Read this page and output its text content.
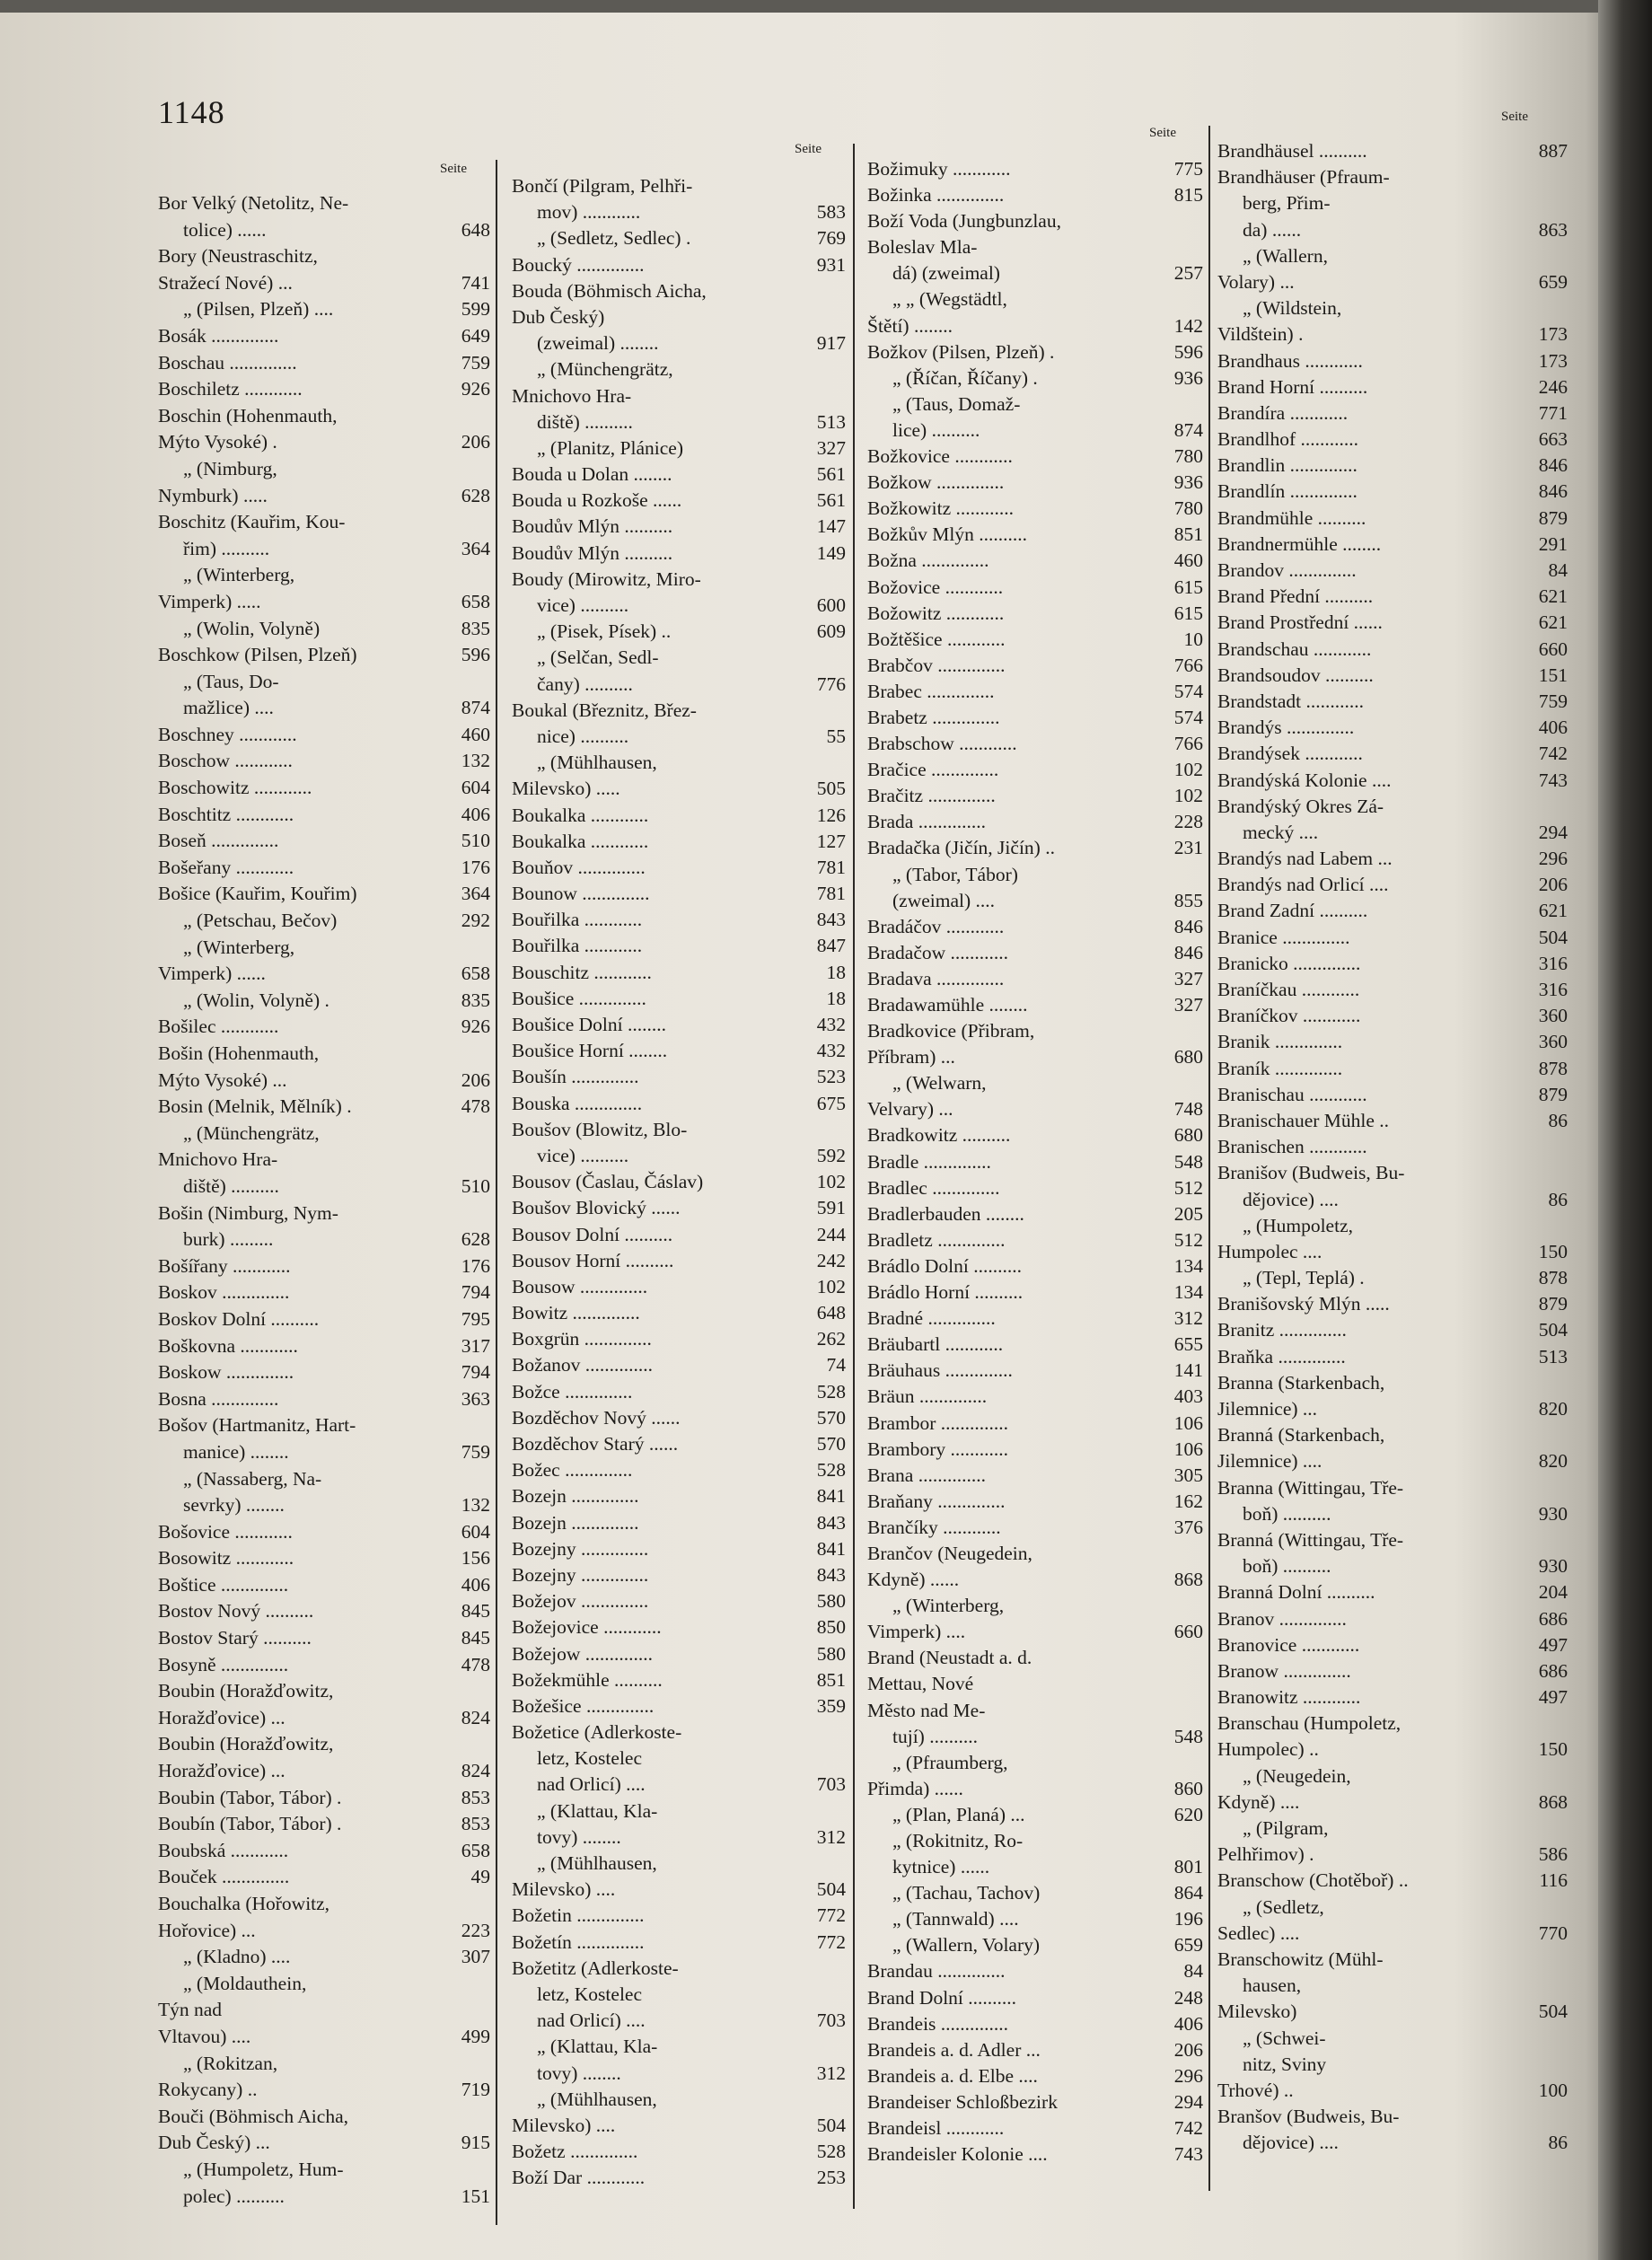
1148
Seite
Seite
Seite
Seite
Bor Velký (Netolitz, Ne-
tolice) ......	648
Bory (Neustraschitz,
Stražecí Nové) ...	741
„ (Pilsen, Plzeň) ....	599
Bosák ..............	649
Boschau ..............	759
Boschiletz ............	926
Boschin (Hohenmauth,
Mýto Vysoké) .	206
„ (Nimburg,
Nymburk) .....	628
Boschitz (Kauřim, Kou-
řim) ..........	364
„ (Winterberg,
Vimperk) .....	658
„ (Wolin, Volyně)	835
Boschkow (Pilsen, Plzeň)	596
„ (Taus, Do-
mažlice) ....	874
Boschney ............	460
Boschow ............	132
Boschowitz ............	604
Boschtitz ............	406
Boseň ..............	510
Bošeřany ............	176
Bošice (Kauřim, Kouřim)	364
„ (Petschau, Bečov)	292
„ (Winterberg,
Vimperk) ......	658
„ (Wolin, Volyně) .	835
Bošilec ............	926
Bošin (Hohenmauth,
Mýto Vysoké) ...	206
Bosin (Melnik, Mělník) .	478
„ (Münchengrätz,
Mnichovo Hra-
diště) ..........	510
Bošin (Nimburg, Nym-
burk) .........	628
Bošířany ............	176
Boskov ..............	794
Boskov Dolní ..........	795
Boškovna ............	317
Boskow ..............	794
Bosna ..............	363
Bošov (Hartmanitz, Hart-
manice) ........	759
„ (Nassaberg, Na-
sevrky) ........	132
Bošovice ............	604
Bosowitz ............	156
Boštice ..............	406
Bostov Nový ..........	845
Bostov Starý ..........	845
Bosyně ..............	478
Boubin (Horažďowitz,
Horažďovice) ...	824
Boubin (Horažďowitz,
Horažďovice) ...	824
Boubin (Tabor, Tábor) .	853
Boubín (Tabor, Tábor) .	853
Boubská ............	658
Bouček ..............	49
Bouchalka (Hořowitz,
Hořovice) ...	223
„ (Kladno) ....	307
„ (Moldauthein,
Týn nad
Vltavou) ....	499
„ (Rokitzan,
Rokycany) ..	719
Bouči (Böhmisch Aicha,
Dub Český) ...	915
„ (Humpoletz, Hum-
polec) ..........	151
Bončí (Pilgram, Pelhři-
mov) ............	583
„ (Sedletz, Sedlec) .	769
Boucký ..............	931
Bouda (Böhmisch Aicha,
Dub Český)
(zweimal) ........	917
„ (Münchengrätz,
Mnichovo Hra-
diště) ..........	513
„ (Planitz, Plánice)	327
Bouda u Dolan ........	561
Bouda u Rozkoše ......	561
Boudův Mlýn ..........	147
Boudův Mlýn ..........	149
Boudy (Mirowitz, Miro-
vice) ..........	600
„ (Pisek, Písek) ..	609
„ (Selčan, Sedl-
čany) ..........	776
Boukal (Březnitz, Břez-
nice) ..........	55
„ (Mühlhausen,
Milevsko) .....	505
Boukalka ............	126
Boukalka ............	127
Bouňov ..............	781
Bounow ..............	781
Bouřilka ............	843
Bouřilka ............	847
Bouschitz ............	18
Boušice ..............	18
Boušice Dolní ........	432
Boušice Horní ........	432
Boušín ..............	523
Bouska ..............	675
Boušov (Blowitz, Blo-
vice) ..........	592
Bousov (Časlau, Čáslav)	102
Boušov Blovický ......	591
Bousov Dolní ..........	244
Bousov Horní ..........	242
Bousow ..............	102
Bowitz ..............	648
Boxgrün ..............	262
Božanov ..............	74
Božce ..............	528
Bozděchov Nový ......	570
Bozděchov Starý ......	570
Božec ..............	528
Bozejn ..............	841
Bozejn ..............	843
Bozejny ..............	841
Bozejny ..............	843
Božejov ..............	580
Božejovice ............	850
Božejow ..............	580
Božekmühle ..........	851
Božešice ..............	359
Božetice (Adlerkoste-
letz, Kostelec
nad Orlicí) ....	703
„ (Klattau, Kla-
tovy) ........	312
„ (Mühlhausen,
Milevsko) ....	504
Božetin ..............	772
Božetín ..............	772
Božetitz (Adlerkoste-
letz, Kostelec
nad Orlicí) ....	703
„ (Klattau, Kla-
tovy) ........	312
„ (Mühlhausen,
Milevsko) ....	504
Božetz ..............	528
Boží Dar ............	253
Božimuky ............	775
Božinka ..............	815
Boží Voda (Jungbunzlau,
Boleslav Mla-
dá) (zweimal)	257
„ „ (Wegstädtl,
Štětí) ........	142
Božkov (Pilsen, Plzeň) .	596
„ (Říčan, Říčany) .	936
„ (Taus, Domaž-
lice) ..........	874
Božkovice ............	780
Božkow ..............	936
Božkowitz ............	780
Božkův Mlýn ..........	851
Božna ..............	460
Božovice ............	615
Božowitz ............	615
Božtěšice ............	10
Brabčov ..............	766
Brabec ..............	574
Brabetz ..............	574
Brabschow ............	766
Bračice ..............	102
Bračitz ..............	102
Brada ..............	228
Bradačka (Jičín, Jičín) ..	231
„ (Tabor, Tábor)
(zweimal) ....	855
Bradáčov ............	846
Bradačow ............	846
Bradava ..............	327
Bradawamühle ........	327
Bradkovice (Přibram,
Příbram) ...	680
„ (Welwarn,
Velvary) ...	748
Bradkowitz ..........	680
Bradle ..............	548
Bradlec ..............	512
Bradlerbauden ........	205
Bradletz ..............	512
Brádlo Dolní ..........	134
Brádlo Horní ..........	134
Bradné ..............	312
Bräubartl ............	655
Bräuhaus ..............	141
Bräun ..............	403
Brambor ..............	106
Brambory ............	106
Brana ..............	305
Braňany ..............	162
Brančíky ............	376
Brančov (Neugedein,
Kdyně) ......	868
„ (Winterberg,
Vimperk) ....	660
Brand (Neustadt a. d.
Mettau, Nové
Město nad Me-
tují) ..........	548
„ (Pfraumberg,
Přimda) ......	860
„ (Plan, Planá) ...	620
„ (Rokitnitz, Ro-
kytnice) ......	801
„ (Tachau, Tachov)	864
„ (Tannwald) ....	196
„ (Wallern, Volary)	659
Brandau ..............	84
Brand Dolní ..........	248
Brandeis ..............	406
Brandeis a. d. Adler ...	206
Brandeis a. d. Elbe ....	296
Brandeiser Schloßbezirk	294
Brandeisl ............	742
Brandeisler Kolonie ....	743
Brandhäusel ..........	887
Brandhäuser (Pfraum-
berg, Přim-
da) ......	863
„ (Wallern,
Volary) ...	659
„ (Wildstein,
Vildštein) .	173
Brandhaus ............	173
Brand Horní ..........	246
Brandíra ............	771
Brandlhof ............	663
Brandlin ..............	846
Brandlín ..............	846
Brandmühle ..........	879
Brandnermühle ........	291
Brandov ..............	84
Brand Přední ..........	621
Brand Prostřední ......	621
Brandschau ............	660
Brandsoudov ..........	151
Brandstadt ............	759
Brandýs ..............	406
Brandýsek ............	742
Brandýská Kolonie ....	743
Brandýský Okres Zá-
mecký ....	294
Brandýs nad Labem ...	296
Brandýs nad Orlicí ....	206
Brand Zadní ..........	621
Branice ..............	504
Branicko ..............	316
Braníčkau ............	316
Braníčkov ............	360
Branik ..............	360
Braník ..............	878
Branischau ............	879
Branischauer Mühle ..	86
Branischen ............
Branišov (Budweis, Bu-
dějovice) ....	86
„ (Humpoletz,
Humpolec ....	150
„ (Tepl, Teplá) .	878
Branišovský Mlýn .....	879
Branitz ..............	504
Braňka ..............	513
Branna (Starkenbach,
Jilemnice) ...	820
Branná (Starkenbach,
Jilemnice) ....	820
Branna (Wittingau, Tře-
boň) ..........	930
Branná (Wittingau, Tře-
boň) ..........	930
Branná Dolní ..........	204
Branov ..............	686
Branovice ............	497
Branow ..............	686
Branowitz ............	497
Branschau (Humpoletz,
Humpolec) ..	150
„ (Neugedein,
Kdyně) ....	868
„ (Pilgram,
Pelhřimov) .	586
Branschow (Chotěboř) ..	116
„ (Sedletz,
Sedlec) ....	770
Branschowitz (Mühl-
hausen,
Milevsko)	504
„ (Schwei-
nitz, Sviny
Trhové) ..	100
Branšov (Budweis, Bu-
dějovice) ....	86
